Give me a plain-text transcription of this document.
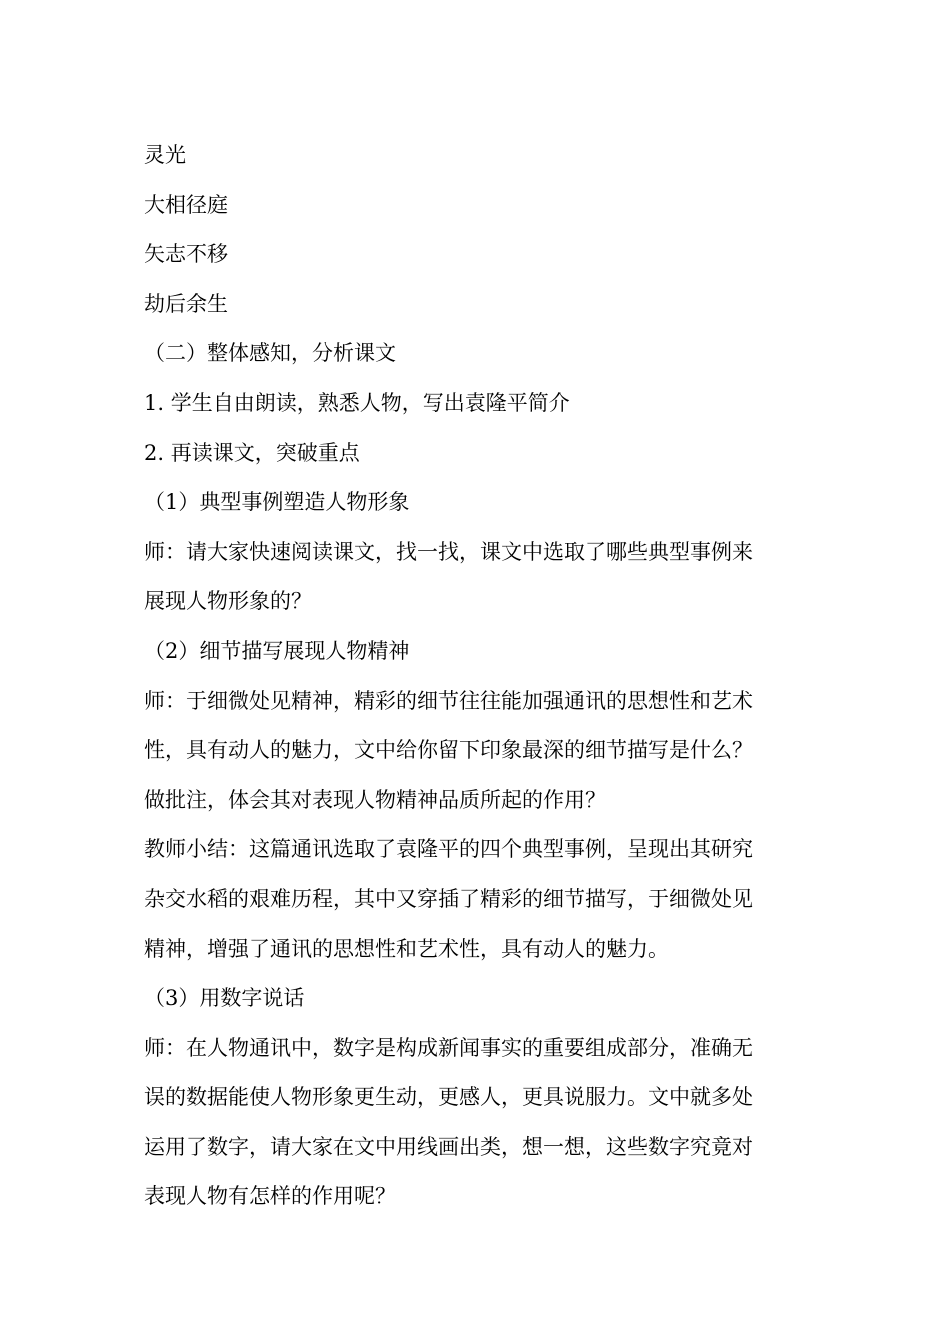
灵光
大相径庭
矢志不移
劫后余生
（二）整体感知，分析课文
1. 学生自由朗读，熟悉人物，写出袁隆平简介
2. 再读课文，突破重点
（1）典型事例塑造人物形象
师：请大家快速阅读课文，找一找，课文中选取了哪些典型事例来
展现人物形象的？
（2）细节描写展现人物精神
师：于细微处见精神，精彩的细节往往能加强通讯的思想性和艺术
性，具有动人的魅力，文中给你留下印象最深的细节描写是什么？
做批注，体会其对表现人物精神品质所起的作用？
教师小结：这篇通讯选取了袁隆平的四个典型事例，呈现出其研究
杂交水稻的艰难历程，其中又穿插了精彩的细节描写，于细微处见
精神，增强了通讯的思想性和艺术性，具有动人的魅力。
（3）用数字说话
师：在人物通讯中，数字是构成新闻事实的重要组成部分，准确无
误的数据能使人物形象更生动，更感人，更具说服力。文中就多处
运用了数字，请大家在文中用线画出类，想一想，这些数字究竟对
表现人物有怎样的作用呢？
